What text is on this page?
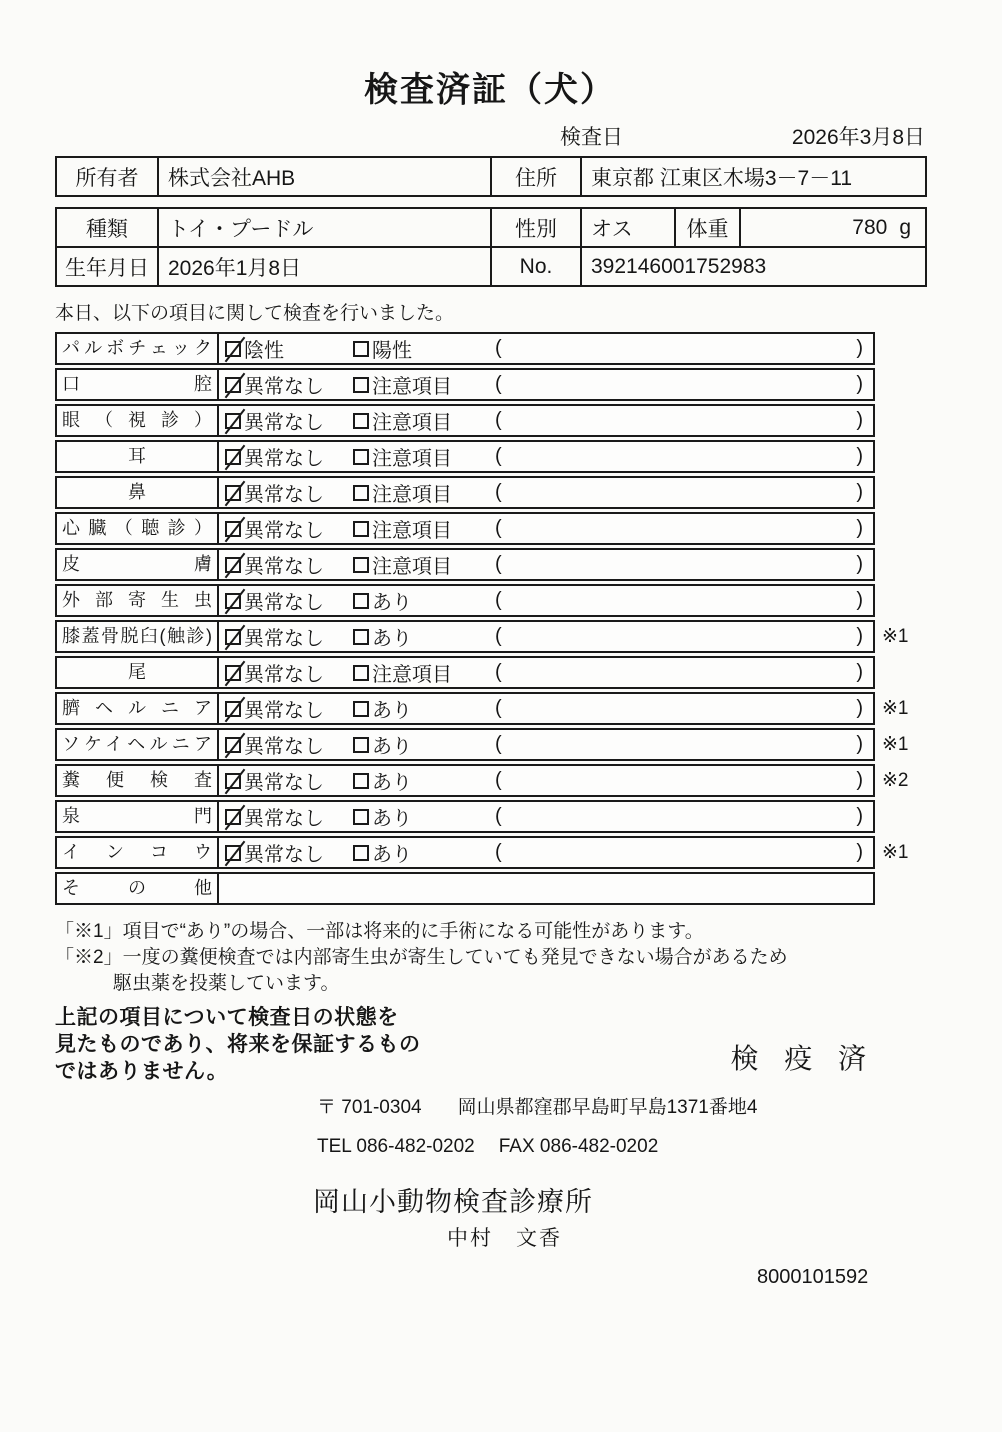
検査済証（犬）
検査日	2026年3月8日
所有者	株式会社AHB	住所	東京都 江東区木場3－7－11
種類	トイ・プードル	性別	オス	体重	780 g
生年月日	2026年1月8日	No.	392146001752983		

本日、以下の項目に関して検査を行いました。

パルボチェック	陰性	陽性	(	)
口腔	異常なし 注意項目 (	)
眼（視診）	異常なし 注意項目 (	)
耳	異常なし 注意項目 (	)
鼻	異常なし 注意項目 (	)
心臓（聴診）	異常なし 注意項目 (	)
皮膚	異常なし 注意項目 (	)
外部寄生虫	異常なし あり	(	)
膝蓋骨脱臼(触診)	異常なし あり	(	)	※1
尾	異常なし 注意項目 (	)
臍ヘルニア	異常なし あり	(	)	※1
ソケイヘルニア	異常なし あり	(	)	※1
糞便検査	異常なし あり	(	)	※2
泉門	異常なし あり	(	)
インコウ	異常なし あり	(	)	※1
その他

「※1」項目で“あり”の場合、一部は将来的に手術になる可能性があります。

「※2」一度の糞便検査では内部寄生虫が寄生していても発見できない場合があるため

駆虫薬を投薬しています。

上記の項目について検査日の状態を

見たものであり、将来を保証するもの

ではありません。	検 疫 済

〒 701-0304 岡山県都窪郡早島町早島1371番地4

TEL 086-482-0202 FAX 086-482-0202

岡山小動物検査診療所

中村　文香

8000101592
